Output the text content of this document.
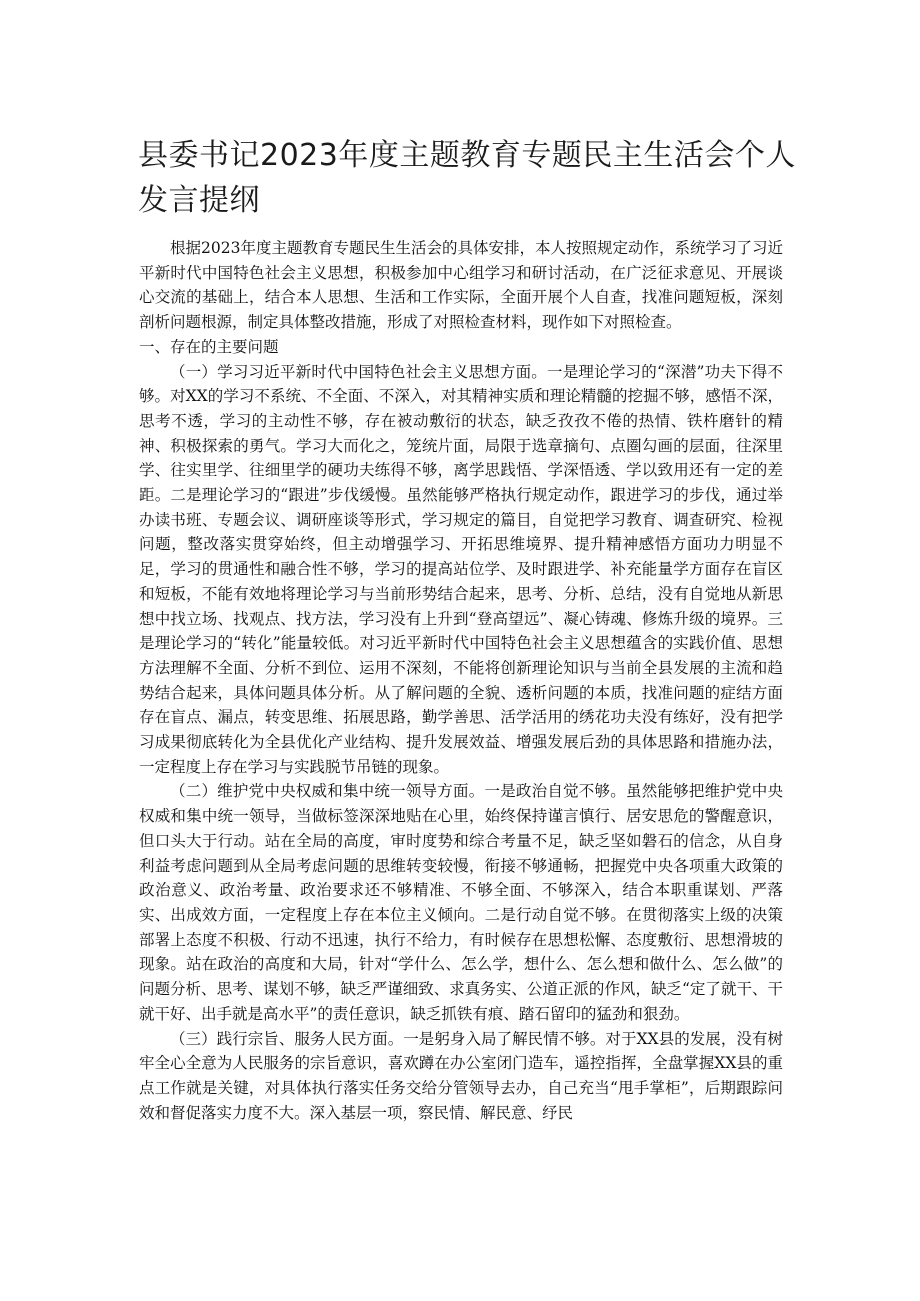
县委书记2023年度主题教育专题民主生活会个人发言提纲

根据2023年度主题教育专题民生生活会的具体安排，本人按照规定动作，系统学习了习近平新时代中国特色社会主义思想，积极参加中心组学习和研讨活动，在广泛征求意见、开展谈心交流的基础上，结合本人思想、生活和工作实际，全面开展个人自查，找准问题短板，深刻剖析问题根源，制定具体整改措施，形成了对照检查材料，现作如下对照检查。

一、存在的主要问题

（一）学习习近平新时代中国特色社会主义思想方面。一是理论学习的“深潜”功夫下得不够。对XX的学习不系统、不全面、不深入，对其精神实质和理论精髓的挖掘不够，感悟不深，思考不透，学习的主动性不够，存在被动敷衍的状态，缺乏孜孜不倦的热情、铁杵磨针的精神、积极探索的勇气。学习大而化之，笼统片面，局限于选章摘句、点圈勾画的层面，往深里学、往实里学、往细里学的硬功夫练得不够，离学思践悟、学深悟透、学以致用还有一定的差距。二是理论学习的“跟进”步伐缓慢。虽然能够严格执行规定动作，跟进学习的步伐，通过举办读书班、专题会议、调研座谈等形式，学习规定的篇目，自觉把学习教育、调查研究、检视问题，整改落实贯穿始终，但主动增强学习、开拓思维境界、提升精神感悟方面功力明显不足，学习的贯通性和融合性不够，学习的提高站位学、及时跟进学、补充能量学方面存在盲区和短板，不能有效地将理论学习与当前形势结合起来，思考、分析、总结，没有自觉地从新思想中找立场、找观点、找方法，学习没有上升到“登高望远”、凝心铸魂、修炼升级的境界。三是理论学习的“转化”能量较低。对习近平新时代中国特色社会主义思想蕴含的实践价值、思想方法理解不全面、分析不到位、运用不深刻，不能将创新理论知识与当前全县发展的主流和趋势结合起来，具体问题具体分析。从了解问题的全貌、透析问题的本质，找准问题的症结方面存在盲点、漏点，转变思维、拓展思路，勤学善思、活学活用的绣花功夫没有练好，没有把学习成果彻底转化为全县优化产业结构、提升发展效益、增强发展后劲的具体思路和措施办法，一定程度上存在学习与实践脱节吊链的现象。

（二）维护党中央权威和集中统一领导方面。一是政治自觉不够。虽然能够把维护党中央权威和集中统一领导，当做标签深深地贴在心里，始终保持谨言慎行、居安思危的警醒意识，但口头大于行动。站在全局的高度，审时度势和综合考量不足，缺乏坚如磐石的信念，从自身利益考虑问题到从全局考虑问题的思维转变较慢，衔接不够通畅，把握党中央各项重大政策的政治意义、政治考量、政治要求还不够精准、不够全面、不够深入，结合本职重谋划、严落实、出成效方面，一定程度上存在本位主义倾向。二是行动自觉不够。在贯彻落实上级的决策部署上态度不积极、行动不迅速，执行不给力，有时候存在思想松懈、态度敷衍、思想滑坡的现象。站在政治的高度和大局，针对“学什么、怎么学，想什么、怎么想和做什么、怎么做”的问题分析、思考、谋划不够，缺乏严谨细致、求真务实、公道正派的作风，缺乏“定了就干、干就干好、出手就是高水平”的责任意识，缺乏抓铁有痕、踏石留印的猛劲和狠劲。

（三）践行宗旨、服务人民方面。一是躬身入局了解民情不够。对于XX县的发展，没有树牢全心全意为人民服务的宗旨意识，喜欢蹲在办公室闭门造车，遥控指挥，全盘掌握XX县的重点工作就是关键，对具体执行落实任务交给分管领导去办，自己充当“甩手掌柜”，后期跟踪问效和督促落实力度不大。深入基层一项，察民情、解民意、纾民
